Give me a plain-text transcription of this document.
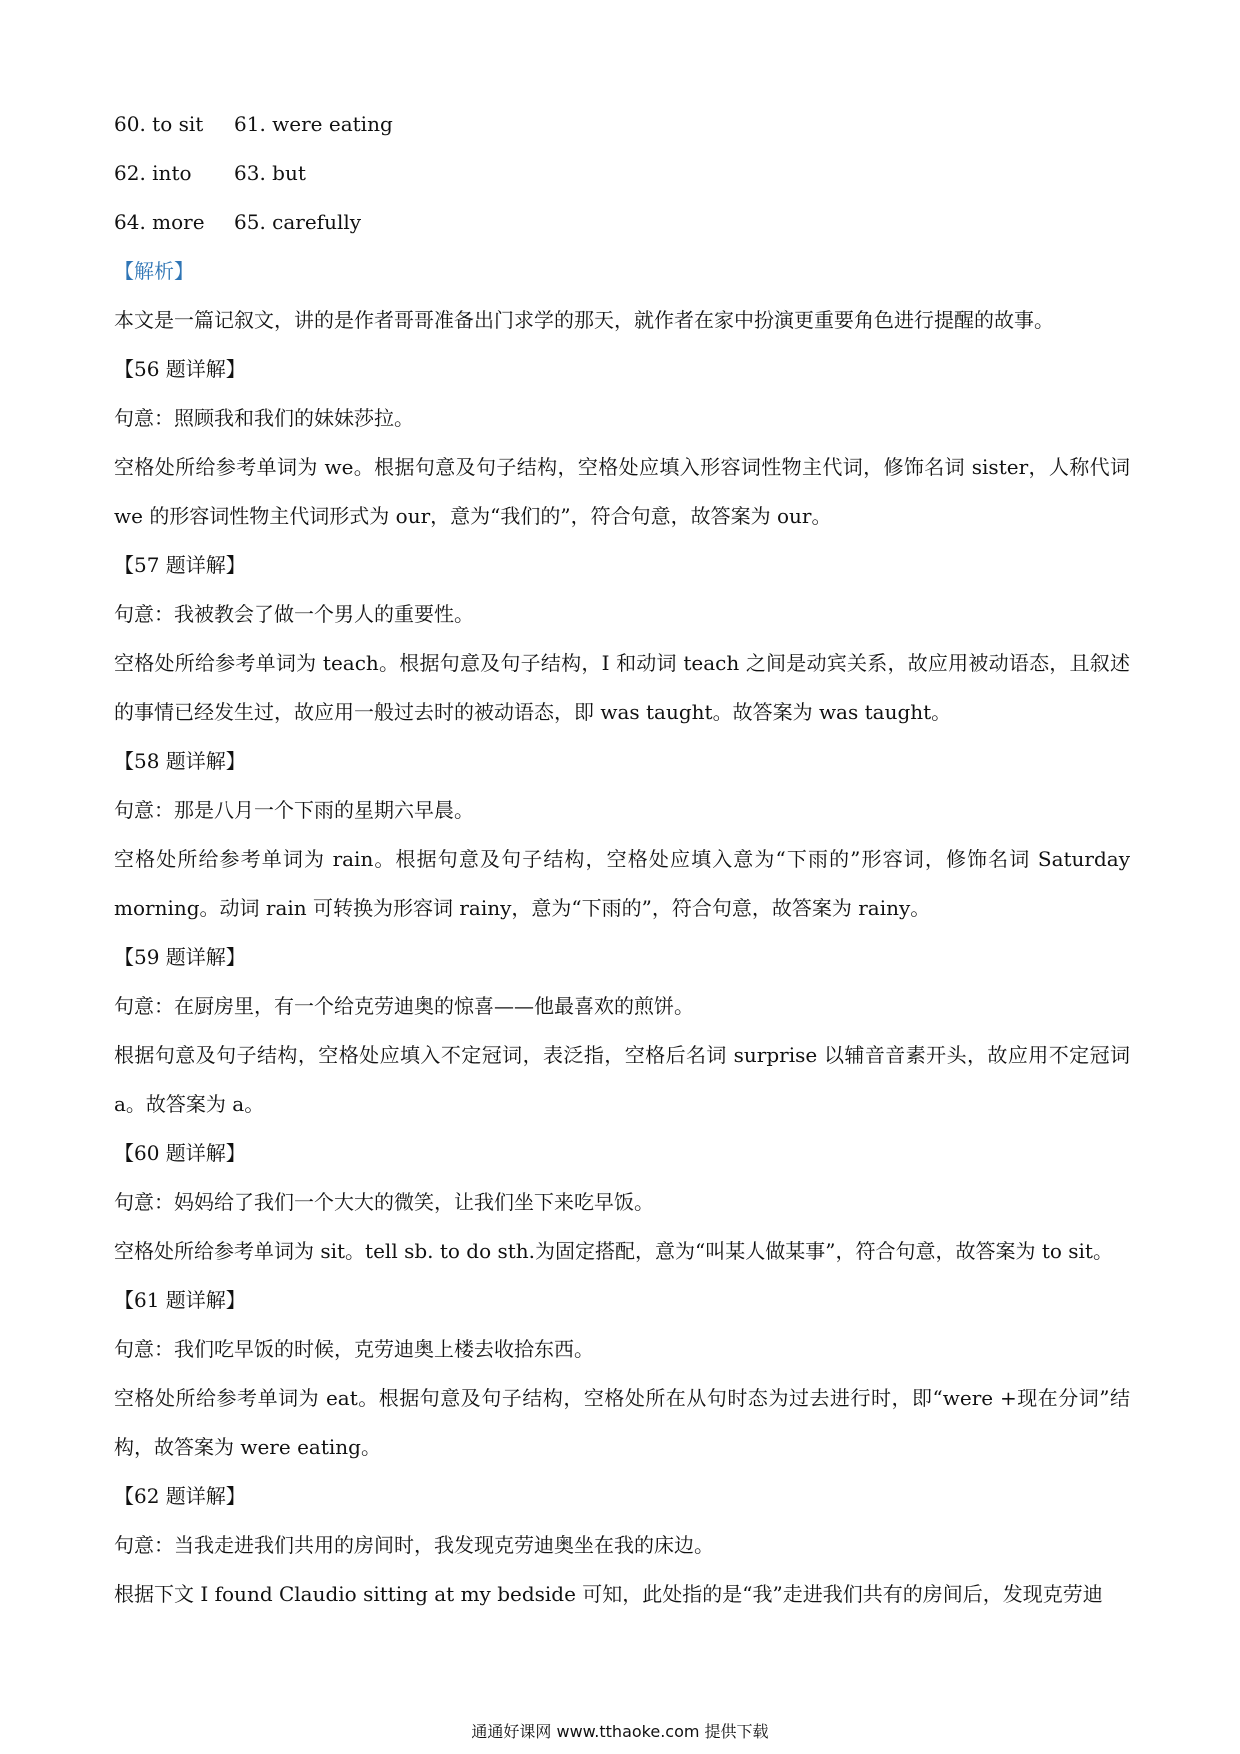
60. to sit 61. were eating
62. into 63. but
64. more 65. carefully
【解析】
本文是一篇记叙文，讲的是作者哥哥准备出门求学的那天，就作者在家中扮演更重要角色进行提醒的故事。
【56 题详解】
句意：照顾我和我们的妹妹莎拉。
空格处所给参考单词为 we。根据句意及句子结构，空格处应填入形容词性物主代词，修饰名词 sister，人称代词 we 的形容词性物主代词形式为 our，意为“我们的”，符合句意，故答案为 our。
【57 题详解】
句意：我被教会了做一个男人的重要性。
空格处所给参考单词为 teach。根据句意及句子结构，I 和动词 teach 之间是动宾关系，故应用被动语态，且叙述的事情已经发生过，故应用一般过去时的被动语态，即 was taught。故答案为 was taught。
【58 题详解】
句意：那是八月一个下雨的星期六早晨。
空格处所给参考单词为 rain。根据句意及句子结构，空格处应填入意为“下雨的”形容词，修饰名词 Saturday morning。动词 rain 可转换为形容词 rainy，意为“下雨的”，符合句意，故答案为 rainy。
【59 题详解】
句意：在厨房里，有一个给克劳迪奥的惊喜——他最喜欢的煎饼。
根据句意及句子结构，空格处应填入不定冠词，表泛指，空格后名词 surprise 以辅音音素开头，故应用不定冠词 a。故答案为 a。
【60 题详解】
句意：妈妈给了我们一个大大的微笑，让我们坐下来吃早饭。
空格处所给参考单词为 sit。tell sb. to do sth.为固定搭配，意为“叫某人做某事”，符合句意，故答案为 to sit。
【61 题详解】
句意：我们吃早饭的时候，克劳迪奥上楼去收拾东西。
空格处所给参考单词为 eat。根据句意及句子结构，空格处所在从句时态为过去进行时，即“were +现在分词”结构，故答案为 were eating。
【62 题详解】
句意：当我走进我们共用的房间时，我发现克劳迪奥坐在我的床边。
根据下文 I found Claudio sitting at my bedside 可知，此处指的是“我”走进我们共有的房间后，发现克劳迪
通通好课网 www.tthaoke.com 提供下载
